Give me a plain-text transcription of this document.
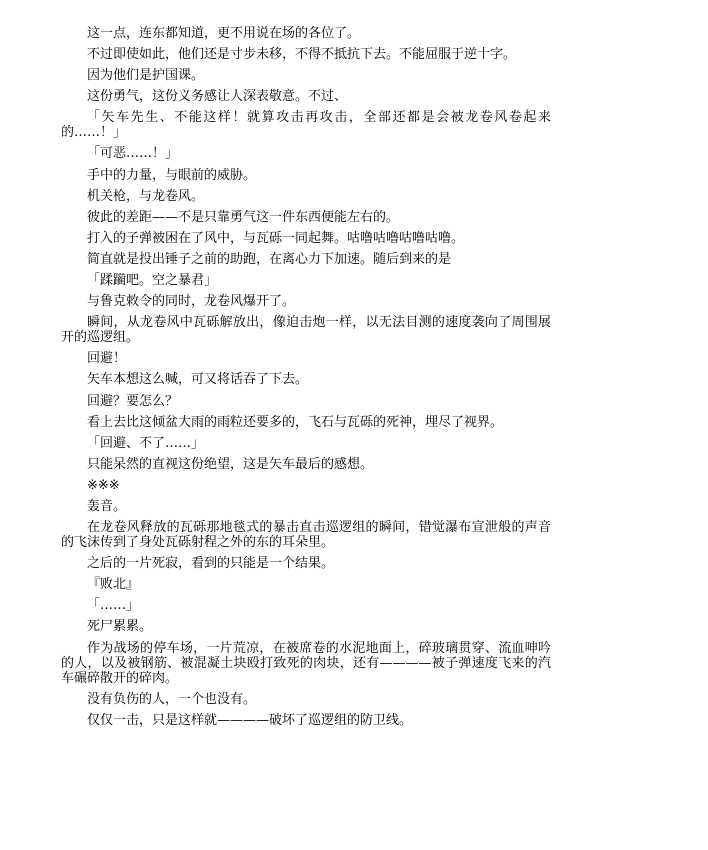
这一点，连东都知道，更不用说在场的各位了。

不过即使如此，他们还是寸步未移，不得不抵抗下去。不能屈服于逆十字。

因为他们是护国课。

这份勇气，这份义务感让人深表敬意。不过、

「矢车先生、不能这样！就算攻击再攻击，全部还都是会被龙卷风卷起来的……！」

「可恶……！」

手中的力量，与眼前的威胁。

机关枪，与龙卷风。

彼此的差距——不是只靠勇气这一件东西便能左右的。

打入的子弹被困在了风中，与瓦砾一同起舞。咕噜咕噜咕噜咕噜。

简直就是投出锤子之前的助跑，在离心力下加速。随后到来的是

「蹂躏吧。空之暴君」

与鲁克敕令的同时，龙卷风爆开了。

瞬间，从龙卷风中瓦砾解放出，像迫击炮一样，以无法目测的速度袭向了周围展开的巡逻组。

回避！

矢车本想这么喊，可又将话吞了下去。

回避？要怎么？

看上去比这倾盆大雨的雨粒还要多的，飞石与瓦砾的死神，埋尽了视界。

「回避、不了……」

只能呆然的直视这份绝望，这是矢车最后的感想。

※※※

轰音。

在龙卷风释放的瓦砾那地毯式的暴击直击巡逻组的瞬间，错觉瀑布宣泄般的声音的飞沫传到了身处瓦砾射程之外的东的耳朵里。

之后的一片死寂，看到的只能是一个结果。

『败北』

「……」

死尸累累。

作为战场的停车场，一片荒凉，在被席卷的水泥地面上，碎玻璃贯穿、流血呻吟的人，以及被钢筋、被混凝土块殴打致死的肉块，还有————被子弹速度飞来的汽车碾碎散开的碎肉。

没有负伤的人，一个也没有。

仅仅一击，只是这样就————破坏了巡逻组的防卫线。
